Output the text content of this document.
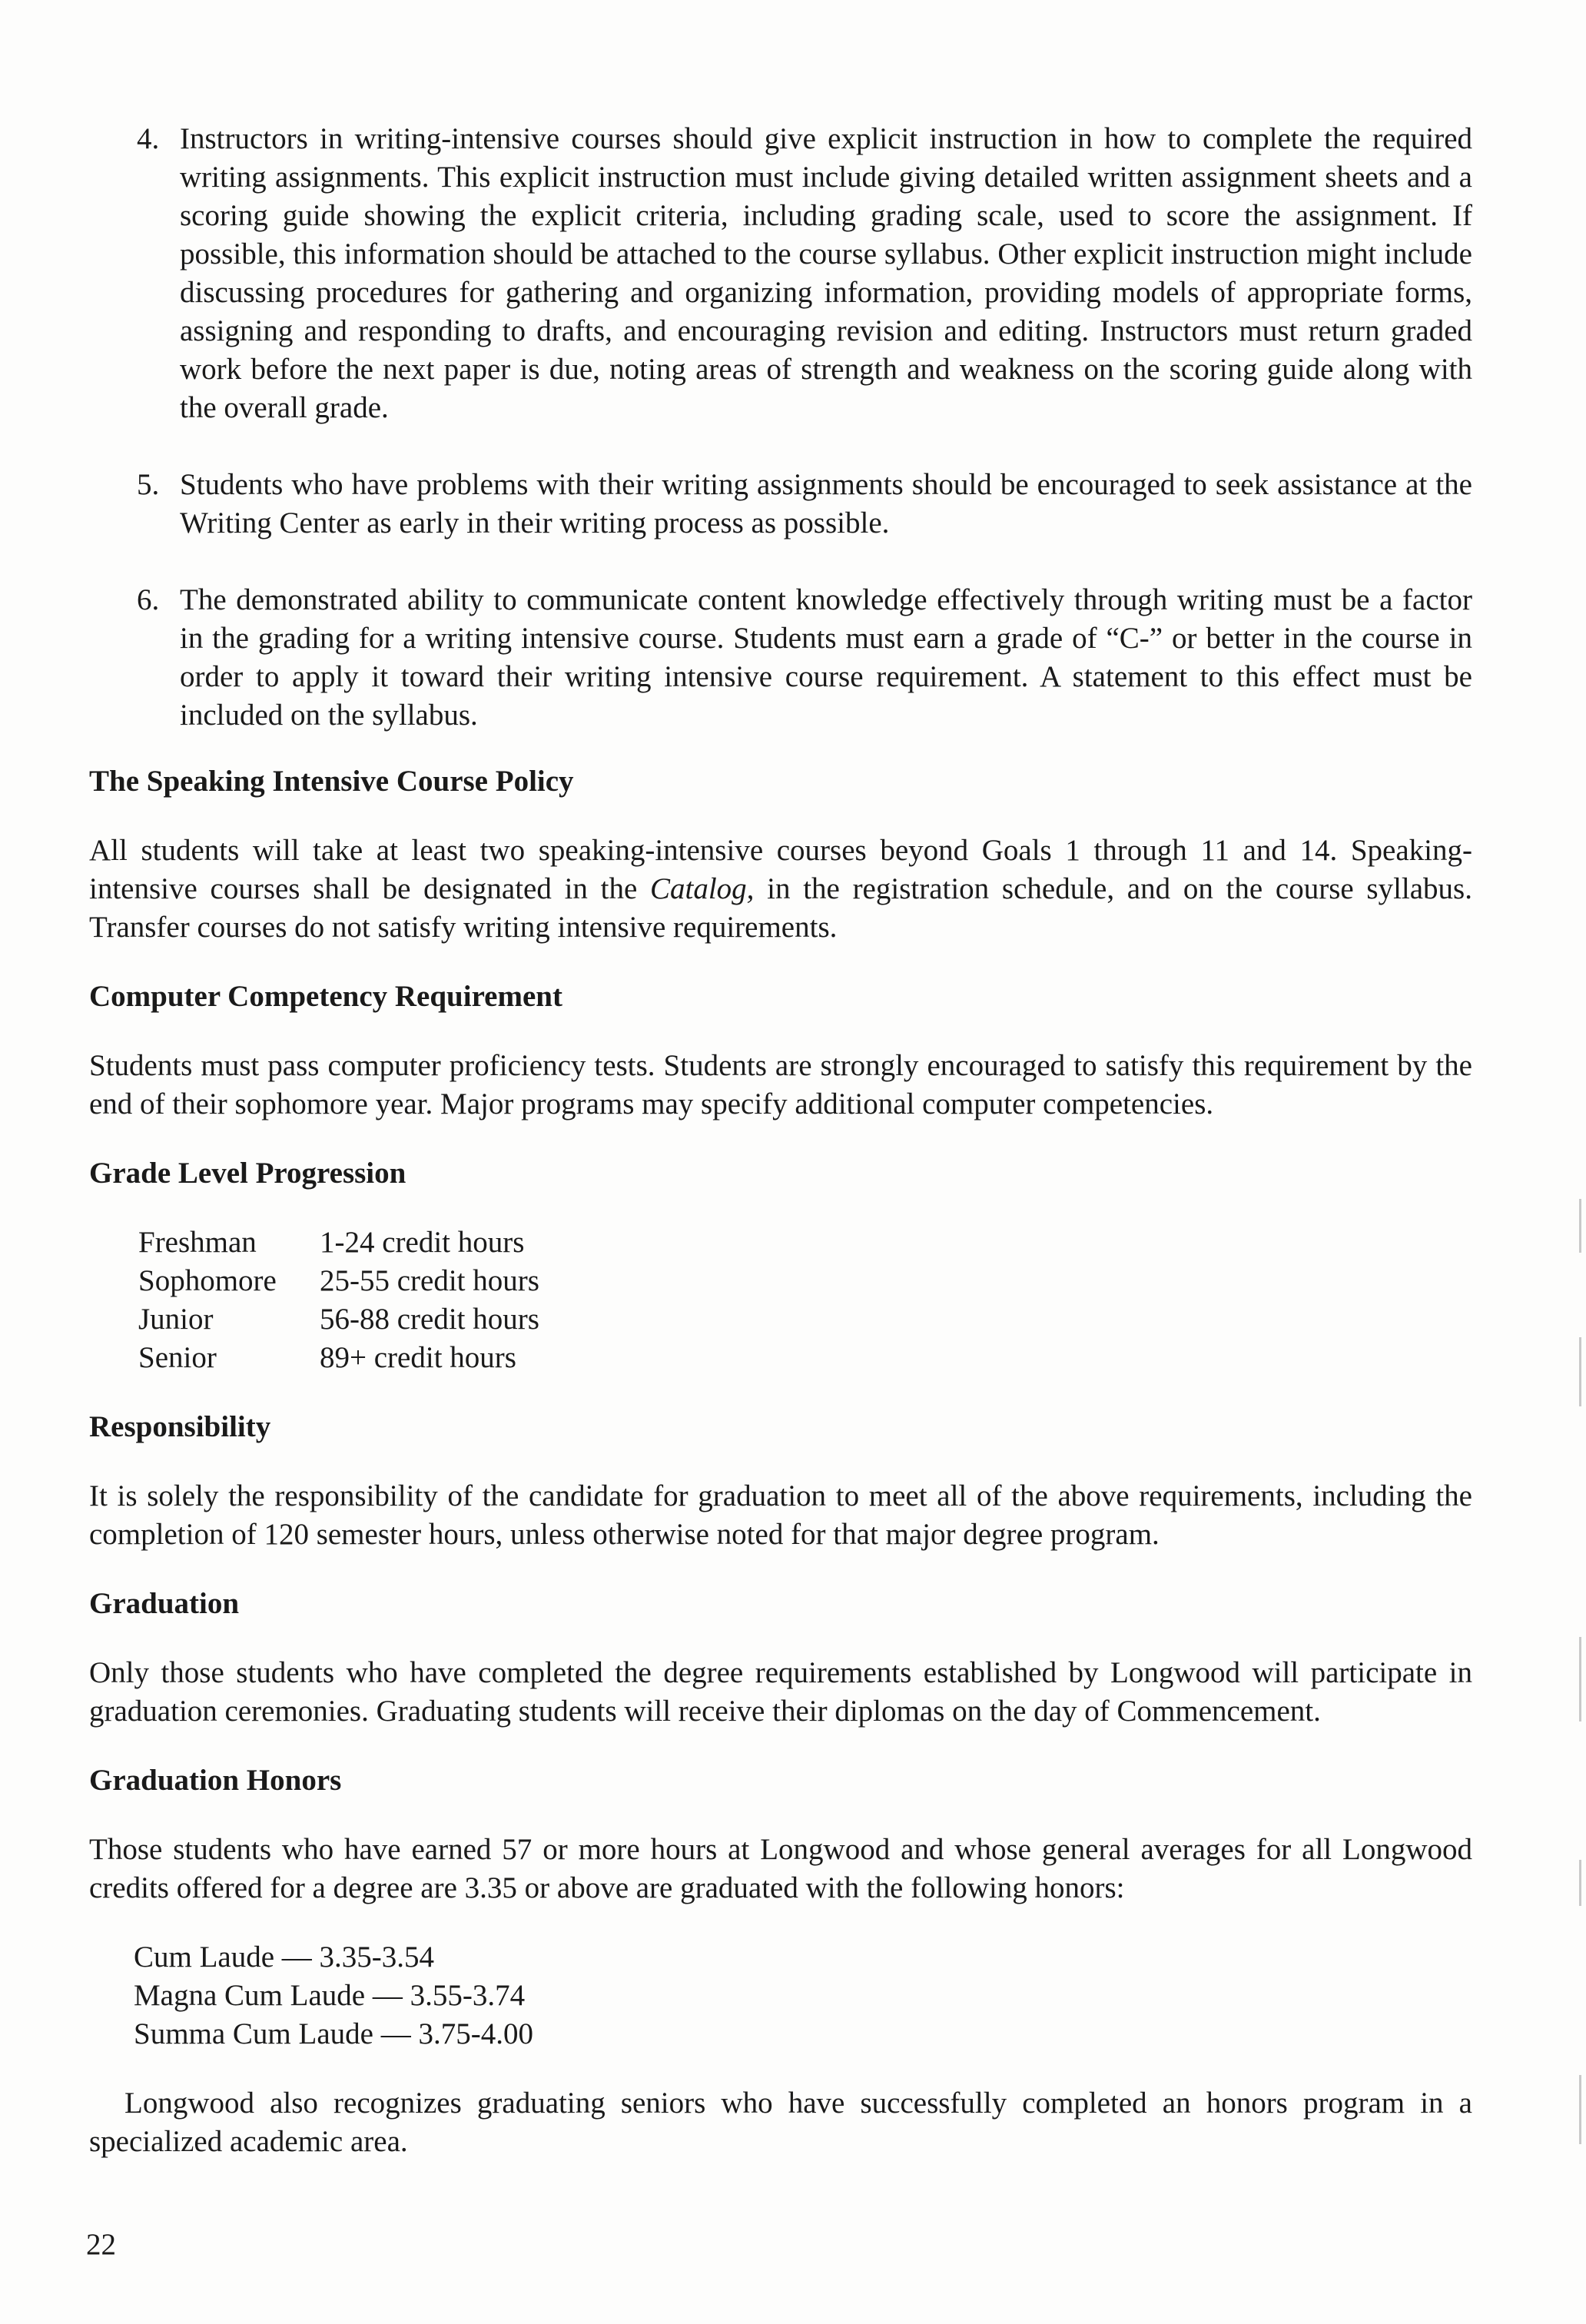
4. Instructors in writing-intensive courses should give explicit instruction in how to complete the required writing assignments. This explicit instruction must include giving detailed written assignment sheets and a scoring guide showing the explicit criteria, including grading scale, used to score the assignment. If possible, this information should be attached to the course syllabus. Other explicit instruction might include discussing procedures for gathering and organizing information, providing models of appropriate forms, assigning and responding to drafts, and encouraging revision and editing. Instructors must return graded work before the next paper is due, noting areas of strength and weakness on the scoring guide along with the overall grade.
5. Students who have problems with their writing assignments should be encouraged to seek assistance at the Writing Center as early in their writing process as possible.
6. The demonstrated ability to communicate content knowledge effectively through writing must be a factor in the grading for a writing intensive course. Students must earn a grade of “C-” or better in the course in order to apply it toward their writing intensive course requirement. A statement to this effect must be included on the syllabus.
The Speaking Intensive Course Policy
All students will take at least two speaking-intensive courses beyond Goals 1 through 11 and 14. Speaking-intensive courses shall be designated in the Catalog, in the registration schedule, and on the course syllabus. Transfer courses do not satisfy writing intensive requirements.
Computer Competency Requirement
Students must pass computer proficiency tests. Students are strongly encouraged to satisfy this requirement by the end of their sophomore year. Major programs may specify additional computer competencies.
Grade Level Progression
Freshman	1-24 credit hours
Sophomore	25-55 credit hours
Junior	56-88 credit hours
Senior	89+ credit hours
Responsibility
It is solely the responsibility of the candidate for graduation to meet all of the above requirements, including the completion of 120 semester hours, unless otherwise noted for that major degree program.
Graduation
Only those students who have completed the degree requirements established by Longwood will participate in graduation ceremonies. Graduating students will receive their diplomas on the day of Commencement.
Graduation Honors
Those students who have earned 57 or more hours at Longwood and whose general averages for all Longwood credits offered for a degree are 3.35 or above are graduated with the following honors:
Cum Laude — 3.35-3.54
Magna Cum Laude — 3.55-3.74
Summa Cum Laude — 3.75-4.00

Longwood also recognizes graduating seniors who have successfully completed an honors program in a specialized academic area.

22
